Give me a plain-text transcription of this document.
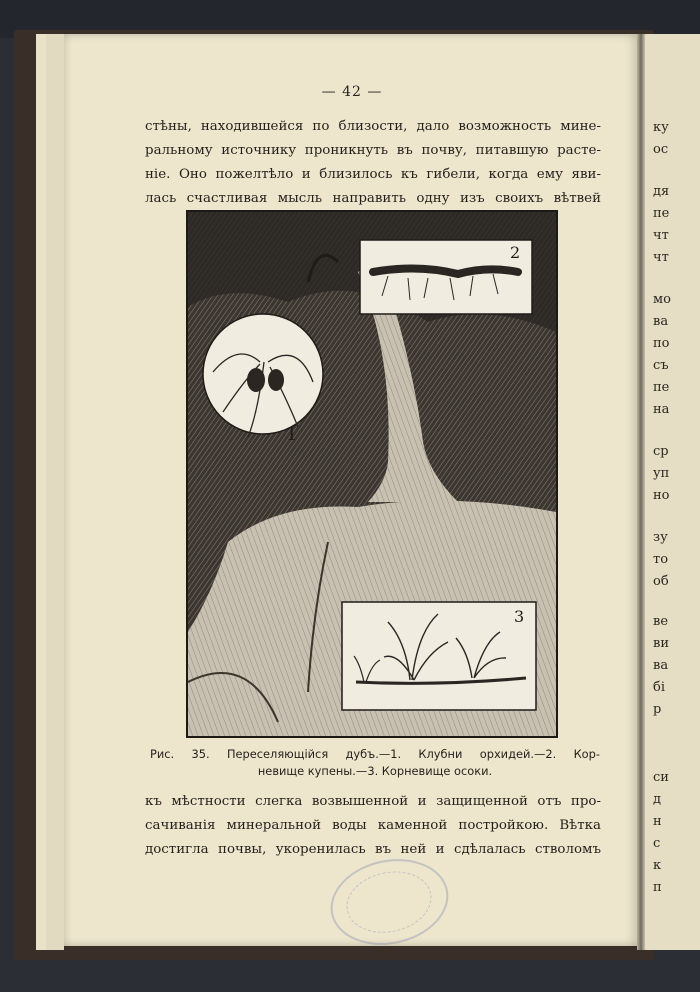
ку
ос
дя
пе
чт
чт
мо
ва
по
съ
пе
на
ср
уп
но
зу
то
об
ве
ви
ва
бі
р
си
д
н
с
к
п
— 42 —
стѣны, находившейся по близости, дало возможность мине-
ральному источнику проникнуть въ почву, питавшую расте-
ніе. Оно пожелтѣло и близилось къ гибели, когда ему яви-
лась счастливая мысль направить одну изъ своихъ вѣтвей
1
2
3
Рис. 35. Переселяющійся дубъ.—1. Клубни орхидей.—2. Кор-
невище купены.—3. Корневище осоки.
къ мѣстности слегка возвышенной и защищенной отъ про-
сачиванія минеральной воды каменной постройкою. Вѣтка
достигла почвы, укоренилась въ ней и сдѣлалась стволомъ
